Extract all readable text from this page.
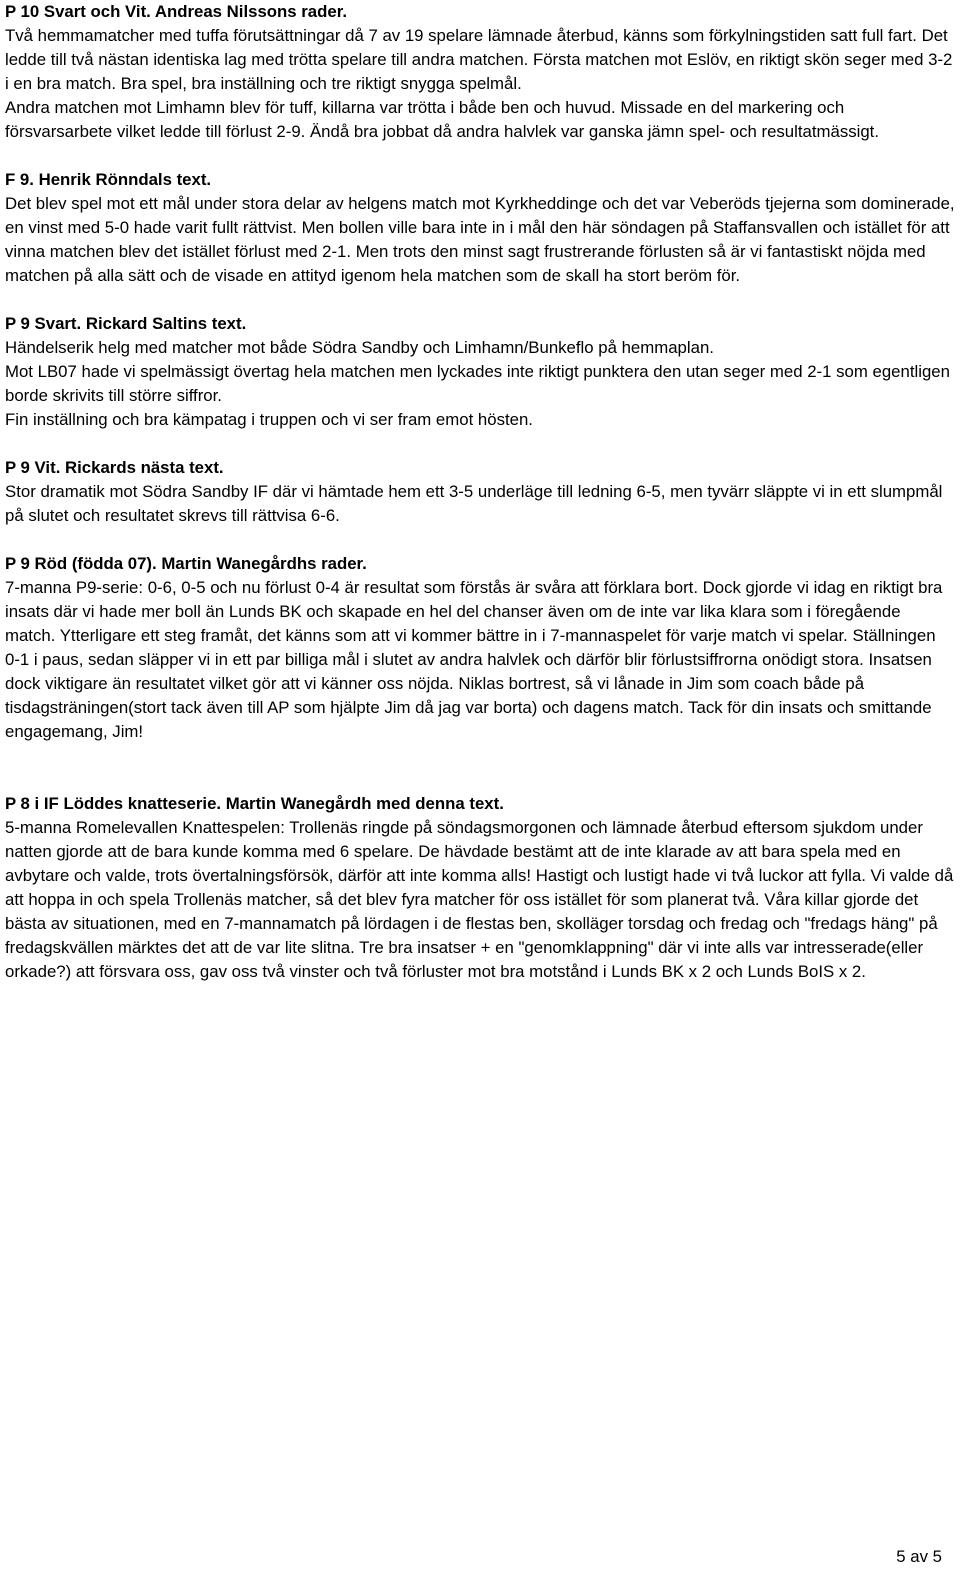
P 10 Svart och Vit. Andreas Nilssons rader.

Två hemmamatcher med tuffa förutsättningar då 7 av 19 spelare lämnade återbud, känns som förkylningstiden satt full fart. Det ledde till två nästan identiska lag med trötta spelare till andra matchen. Första matchen mot Eslöv, en riktigt skön seger med 3-2 i en bra match. Bra spel, bra inställning och tre riktigt snygga spelmål.

Andra matchen mot Limhamn blev för tuff, killarna var trötta i både ben och huvud. Missade en del markering och försvarsarbete vilket ledde till förlust 2-9. Ändå bra jobbat då andra halvlek var ganska jämn spel- och resultatmässigt.

F 9. Henrik Rönndals text.

Det blev spel mot ett mål under stora delar av helgens match mot Kyrkheddinge och det var Veberöds tjejerna som dominerade, en vinst med 5-0 hade varit fullt rättvist. Men bollen ville bara inte in i mål den här söndagen på Staffansvallen och istället för att vinna matchen blev det istället förlust med 2-1. Men trots den minst sagt frustrerande förlusten så är vi fantastiskt nöjda med matchen på alla sätt och de visade en attityd igenom hela matchen som de skall ha stort beröm för.

P 9 Svart. Rickard Saltins text.

Händelserik helg med matcher mot både Södra Sandby och Limhamn/Bunkeflo på hemmaplan.

Mot LB07 hade vi spelmässigt övertag hela matchen men lyckades inte riktigt punktera den utan seger med 2-1 som egentligen borde skrivits till större siffror.

Fin inställning och bra kämpatag i truppen och vi ser fram emot hösten.

P 9 Vit. Rickards nästa text.

Stor dramatik mot Södra Sandby IF där vi hämtade hem ett 3-5 underläge till ledning 6-5, men tyvärr släppte vi in ett slumpmål på slutet och resultatet skrevs till rättvisa 6-6.

P 9 Röd (födda 07). Martin Wanegårdhs rader.

7-manna P9-serie: 0-6, 0-5 och nu förlust 0-4 är resultat som förstås är svåra att förklara bort. Dock gjorde vi idag en riktigt bra insats där vi hade mer boll än Lunds BK och skapade en hel del chanser även om de inte var lika klara som i föregående match. Ytterligare ett steg framåt, det känns som att vi kommer bättre in i 7-mannaspelet för varje match vi spelar. Ställningen 0-1 i paus, sedan släpper vi in ett par billiga mål i slutet av andra halvlek och därför blir förlustsiffrorna onödigt stora. Insatsen dock viktigare än resultatet vilket gör att vi känner oss nöjda. Niklas bortrest, så vi lånade in Jim som coach både på tisdagsträningen(stort tack även till AP som hjälpte Jim då jag var borta) och dagens match. Tack för din insats och smittande engagemang, Jim!

P 8 i IF Löddes knatteserie. Martin Wanegårdh med denna text.

5-manna Romelevallen Knattespelen: Trollenäs ringde på söndagsmorgonen och lämnade återbud eftersom sjukdom under natten gjorde att de bara kunde komma med 6 spelare. De hävdade bestämt att de inte klarade av att bara spela med en avbytare och valde, trots övertalningsförsök, därför att inte komma alls! Hastigt och lustigt hade vi två luckor att fylla. Vi valde då att hoppa in och spela Trollenäs matcher, så det blev fyra matcher för oss istället för som planerat två. Våra killar gjorde det bästa av situationen, med en 7-mannamatch på lördagen i de flestas ben, skolläger torsdag och fredag och "fredags häng" på fredagskvällen märktes det att de var lite slitna. Tre bra insatser + en "genomklappning" där vi inte alls var intresserade(eller orkade?) att försvara oss, gav oss två vinster och två förluster mot bra motstånd i Lunds BK x 2 och Lunds BoIS x 2.

5 av 5
